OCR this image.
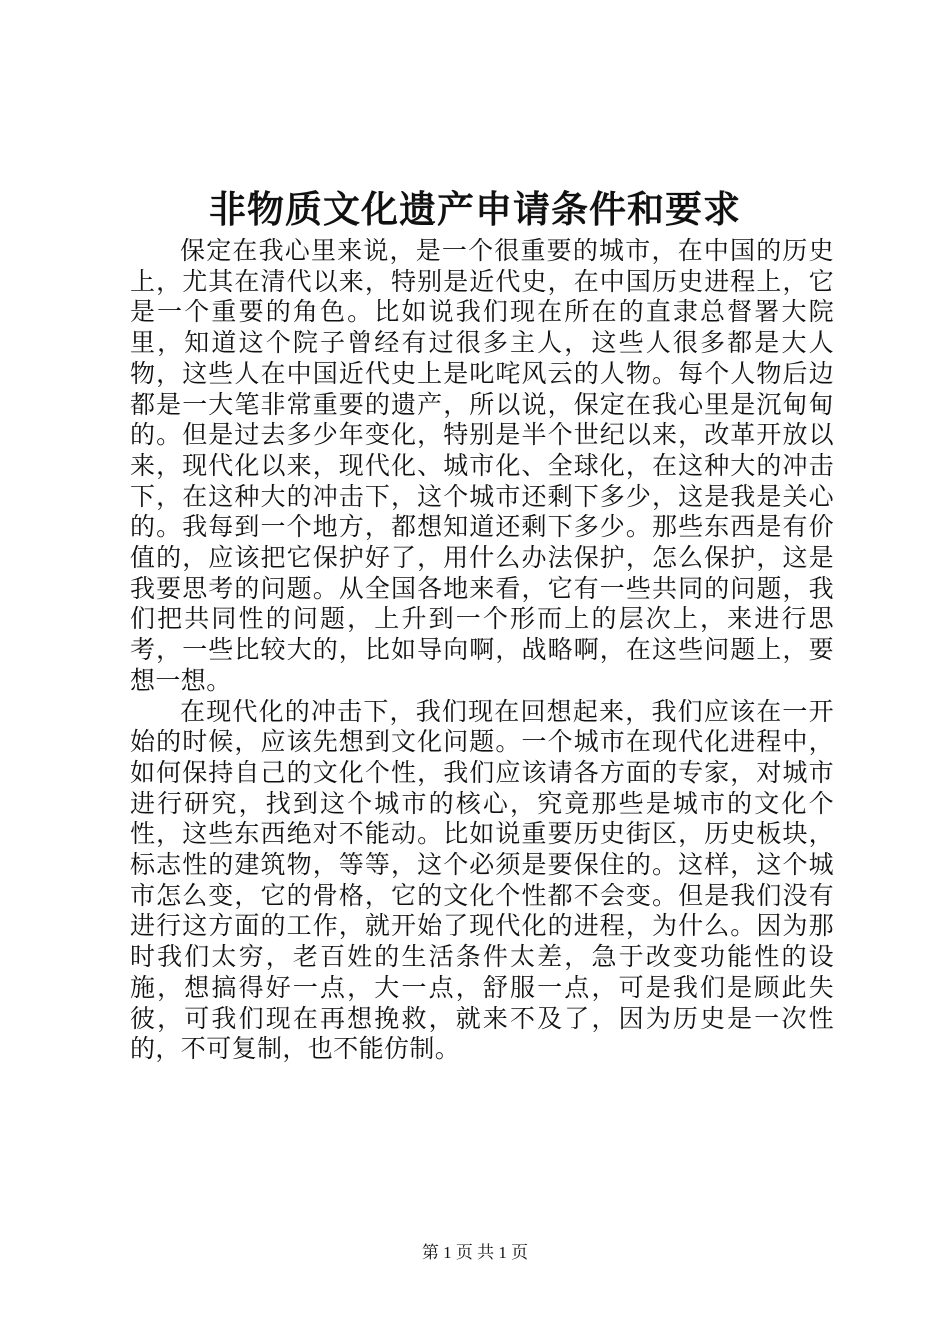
非物质文化遗产申请条件和要求

保定在我心里来说，是一个很重要的城市，在中国的历史上，尤其在清代以来，特别是近代史，在中国历史进程上，它是一个重要的角色。比如说我们现在所在的直隶总督署大院里，知道这个院子曾经有过很多主人，这些人很多都是大人物，这些人在中国近代史上是叱咤风云的人物。每个人物后边都是一大笔非常重要的遗产，所以说，保定在我心里是沉甸甸的。但是过去多少年变化，特别是半个世纪以来，改革开放以来，现代化以来，现代化、城市化、全球化，在这种大的冲击下，在这种大的冲击下，这个城市还剩下多少，这是我是关心的。我每到一个地方，都想知道还剩下多少。那些东西是有价值的，应该把它保护好了，用什么办法保护，怎么保护，这是我要思考的问题。从全国各地来看，它有一些共同的问题，我们把共同性的问题，上升到一个形而上的层次上，来进行思考，一些比较大的，比如导向啊，战略啊，在这些问题上，要想一想。

在现代化的冲击下，我们现在回想起来，我们应该在一开始的时候，应该先想到文化问题。一个城市在现代化进程中，如何保持自己的文化个性，我们应该请各方面的专家，对城市进行研究，找到这个城市的核心，究竟那些是城市的文化个性，这些东西绝对不能动。比如说重要历史街区，历史板块，标志性的建筑物，等等，这个必须是要保住的。这样，这个城市怎么变，它的骨格，它的文化个性都不会变。但是我们没有进行这方面的工作，就开始了现代化的进程，为什么。因为那时我们太穷，老百姓的生活条件太差，急于改变功能性的设施，想搞得好一点，大一点，舒服一点，可是我们是顾此失彼，可我们现在再想挽救，就来不及了，因为历史是一次性的，不可复制，也不能仿制。

第 1 页 共 1 页
